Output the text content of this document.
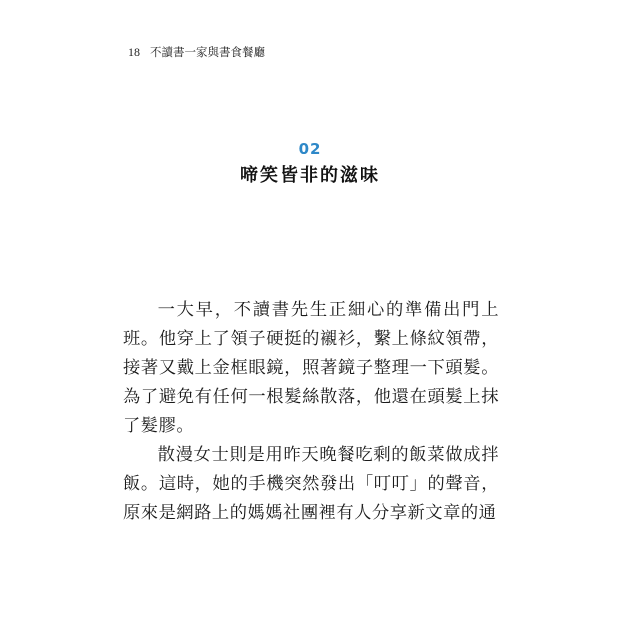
18 不讀書一家與書食餐廳
02
啼笑皆非的滋味

一大早，不讀書先生正細心的準備出門上班。他穿上了領子硬挺的襯衫，繫上條紋領帶，接著又戴上金框眼鏡，照著鏡子整理一下頭髮。為了避免有任何一根髮絲散落，他還在頭髮上抹了髮膠。

散漫女士則是用昨天晚餐吃剩的飯菜做成拌飯。這時，她的手機突然發出「叮叮」的聲音，原來是網路上的媽媽社團裡有人分享新文章的通
